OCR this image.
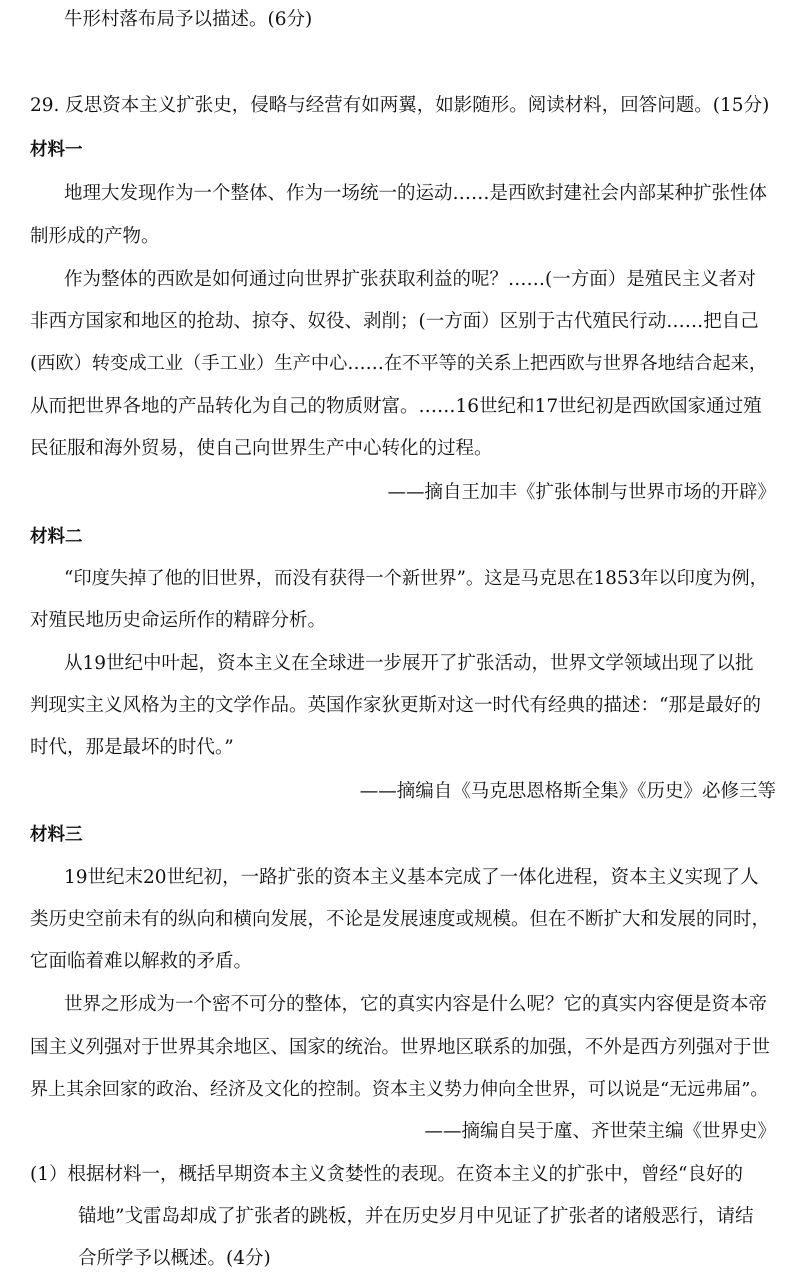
牛形村落布局予以描述。(6分)
29. 反思资本主义扩张史，侵略与经营有如两翼，如影随形。阅读材料，回答问题。(15分)
材料一
地理大发现作为一个整体、作为一场统一的运动……是西欧封建社会内部某种扩张性体
制形成的产物。
作为整体的西欧是如何通过向世界扩张获取利益的呢？……(一方面）是殖民主义者对
非西方国家和地区的抢劫、掠夺、奴役、剥削；(一方面）区别于古代殖民行动……把自己
(西欧）转变成工业（手工业）生产中心……在不平等的关系上把西欧与世界各地结合起来，
从而把世界各地的产品转化为自己的物质财富。……16世纪和17世纪初是西欧国家通过殖
民征服和海外贸易，使自己向世界生产中心转化的过程。
——摘自王加丰《扩张体制与世界市场的开辟》
材料二
“印度失掉了他的旧世界，而没有获得一个新世界”。这是马克思在1853年以印度为例，
对殖民地历史命运所作的精辟分析。
从19世纪中叶起，资本主义在全球进一步展开了扩张活动，世界文学领域出现了以批
判现实主义风格为主的文学作品。英国作家狄更斯对这一时代有经典的描述：“那是最好的
时代，那是最坏的时代。”
——摘编自《马克思恩格斯全集》《历史》必修三等
材料三
19世纪末20世纪初，一路扩张的资本主义基本完成了一体化进程，资本主义实现了人
类历史空前未有的纵向和横向发展，不论是发展速度或规模。但在不断扩大和发展的同时，
它面临着难以解救的矛盾。
世界之形成为一个密不可分的整体，它的真实内容是什么呢？它的真实内容便是资本帝
国主义列强对于世界其余地区、国家的统治。世界地区联系的加强，不外是西方列强对于世
界上其余回家的政治、经济及文化的控制。资本主义势力伸向全世界，可以说是“无远弗届”。
——摘编自吴于廑、齐世荣主编《世界史》
(1）根据材料一，概括早期资本主义贪婪性的表现。在资本主义的扩张中，曾经“良好的
锚地”戈雷岛却成了扩张者的跳板，并在历史岁月中见证了扩张者的诸般恶行，请结
合所学予以概述。(4分)
